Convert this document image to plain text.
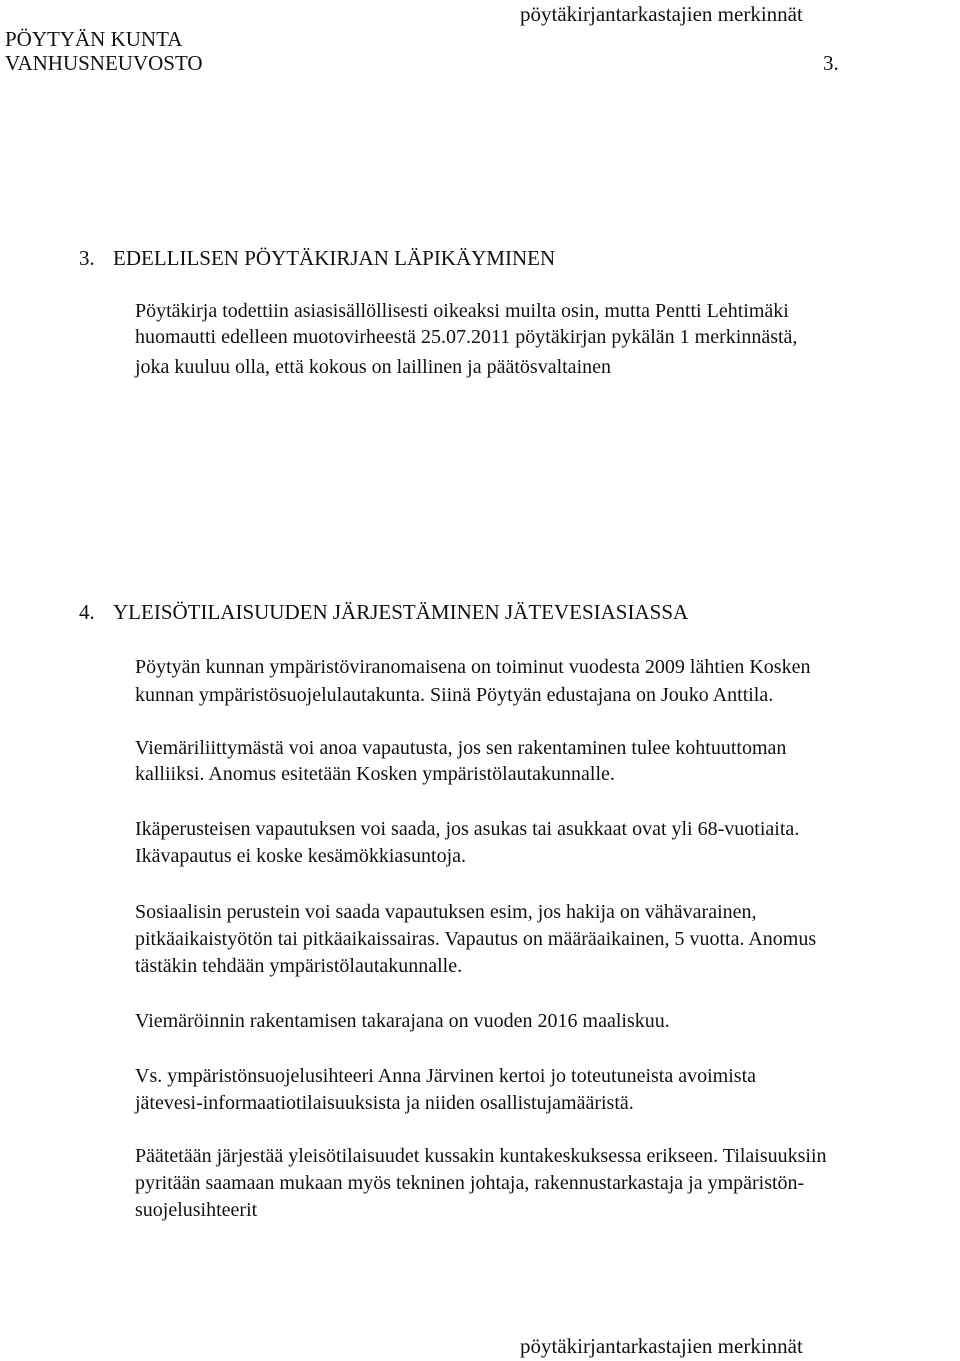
pöytäkirjantarkastajien merkinnät
PÖYTYÄN KUNTA
VANHUSNEUVOSTO	3.
3. EDELLILSEN PÖYTÄKIRJAN LÄPIKÄYMINEN
Pöytäkirja todettiin asiasisällöllisesti oikeaksi muilta osin, mutta Pentti Lehtimäki
huomautti edelleen muotovirheestä 25.07.2011 pöytäkirjan pykälän 1 merkinnästä,
joka kuuluu olla, että kokous on laillinen ja päätösvaltainen
4. YLEISÖTILAISUUDEN JÄRJESTÄMINEN JÄTEVESIASIASSA
Pöytyän kunnan ympäristöviranomaisena on toiminut vuodesta 2009 lähtien Kosken
kunnan ympäristösuojelulautakunta. Siinä Pöytyän edustajana on Jouko Anttila.
Viemäriliittymästä voi anoa vapautusta, jos sen rakentaminen tulee kohtuuttoman
kalliiksi. Anomus esitetään Kosken ympäristölautakunnalle.
Ikäperusteisen vapautuksen voi saada, jos asukas tai asukkaat ovat yli 68-vuotiaita.
Ikävapautus ei koske kesämökkiasuntoja.
Sosiaalisin perustein voi saada vapautuksen esim, jos hakija on vähävarainen,
pitkäaikaistyötön tai pitkäaikaissairas. Vapautus on määräaikainen, 5 vuotta. Anomus
tästäkin tehdään ympäristölautakunnalle.
Viemäröinnin rakentamisen takarajana on vuoden 2016 maaliskuu.
Vs. ympäristönsuojelusihteeri Anna Järvinen kertoi jo toteutuneista avoimista
jätevesi-informaatiotilaisuuksista ja niiden osallistujamääristä.
Päätetään järjestää yleisötilaisuudet kussakin kuntakeskuksessa erikseen. Tilaisuuksiin
pyritään saamaan mukaan myös tekninen johtaja, rakennustarkastaja ja ympäristön-
suojelusihteerit
pöytäkirjantarkastajien merkinnät
